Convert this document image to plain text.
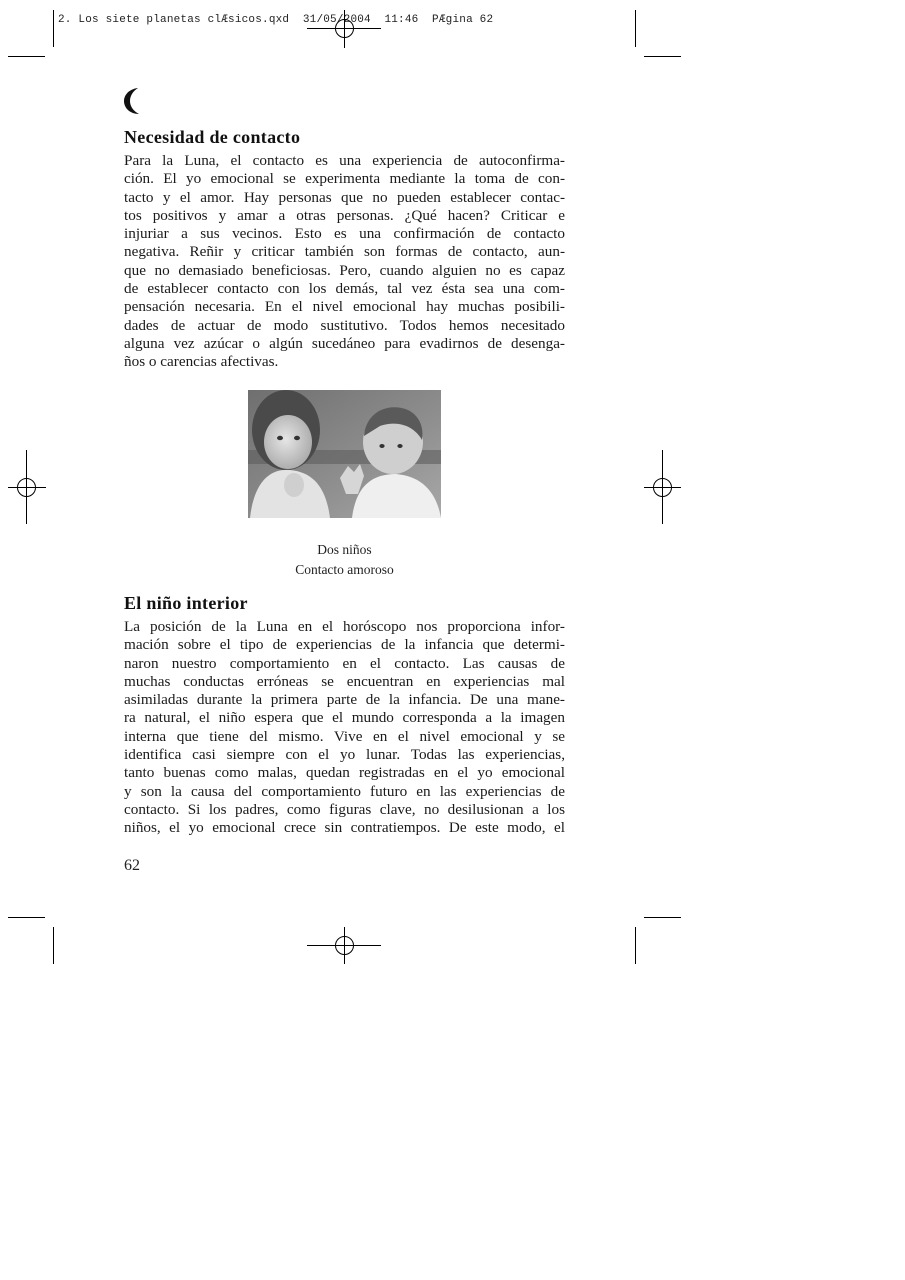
2. Los siete planetas clÆsicos.qxd  31/05/2004  11:46  PÆgina 62
Necesidad de contacto

Para la Luna, el contacto es una experiencia de autoconfirma-
ción. El yo emocional se experimenta mediante la toma de con-
tacto y el amor. Hay personas que no pueden establecer contac-
tos positivos y amar a otras personas. ¿Qué hacen? Criticar e
injuriar a sus vecinos. Esto es una confirmación de contacto
negativa. Reñir y criticar también son formas de contacto, aun-
que no demasiado beneficiosas. Pero, cuando alguien no es capaz
de establecer contacto con los demás, tal vez ésta sea una com-
pensación necesaria. En el nivel emocional hay muchas posibili-
dades de actuar de modo sustitutivo. Todos hemos necesitado
alguna vez azúcar o algún sucedáneo para evadirnos de desenga-
ños o carencias afectivas.

Dos niños
Contacto amoroso
El niño interior

La posición de la Luna en el horóscopo nos proporciona infor-
mación sobre el tipo de experiencias de la infancia que determi-
naron nuestro comportamiento en el contacto. Las causas de
muchas conductas erróneas se encuentran en experiencias mal
asimiladas durante la primera parte de la infancia. De una mane-
ra natural, el niño espera que el mundo corresponda a la imagen
interna que tiene del mismo. Vive en el nivel emocional y se
identifica casi siempre con el yo lunar. Todas las experiencias,
tanto buenas como malas, quedan registradas en el yo emocional
y son la causa del comportamiento futuro en las experiencias de
contacto. Si los padres, como figuras clave, no desilusionan a los
niños, el yo emocional crece sin contratiempos. De este modo, el

62
